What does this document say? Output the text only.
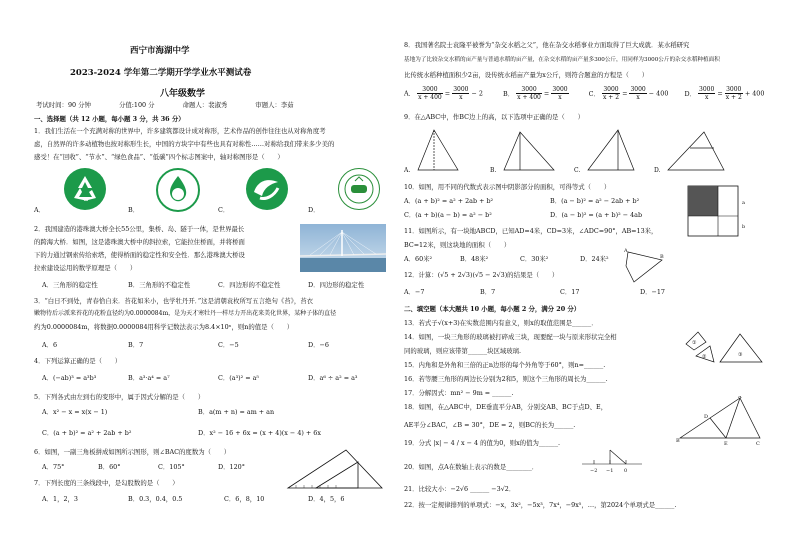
西宁市海湖中学
2023-2024 学年第二学期开学学业水平测试卷
八年级数学
考试时间：90 分钟	分值:100 分	命题人：裴淑秀	审题人：李茹
一、选择题（共 12 小题，每小题 3 分，共 36 分）
1．我们生活在一个充满对称的世界中，许多建筑都设计成对称形，艺术作品的创作往往也从对称角度考
虑，自然界的许多动植物也按对称形生长，中国的方块字中有些也具有对称性……对称给我们带来多少美的
感受！在“回收”、“节水”、“绿色食品”、“低碳”四个标志图案中，轴对称图形是（　　）
A．	B．	C．	D．
2．我国建造的港珠澳大桥全长55公里，集桥、岛、隧于一体，是世界最长
的跨海大桥．如图，这是港珠澳大桥中的斜拉索，它能拉住桥面，并将桥面
下的力通过钢索传给索塔，使得桥面的稳定性和安全性．那么港珠澳大桥设
拉索建设运用的数学原理是（　　）
A．三角形的稳定性	B．三角形的不稳定性	C．四边形的不稳定性	D．四边形的稳定性
3．“白日不到处，青春恰自来．苔花如米小，也学牡丹开．”这是清朝袁枚所写五言绝句《苔》，苔衣
嫩物待后示派来苔花的花粉直径约为0.0000084m，是为天才寒牡丹一样尽力开出花来美化世界，某种子体的直径
约为0.0000084m，将数据0.0000084用科学记数法表示为8.4×10ⁿ，则n的值是（　　）
A．6	B．7	C．−5	D．−6
4．下列运算正确的是（　　）
A．(−ab)³ = a³b³	B．a³·a⁴ = a⁷	C．(a³)² = a⁵	D．a⁶ ÷ a² = a³
5．下列各式由左到右的变形中，属于因式分解的是（　　）
A．x² − x = x(x − 1)	B．a(m + n) = am + an
C．(a + b)² = a² + 2ab + b²	D．x² − 16 + 6x = (x + 4)(x − 4) + 6x
6．如图，一副三角板拼成如图所示图形，则∠BAC的度数为（　　）
A．75°	B．60°	C．105°	D．120°
7．下列长度的三条线段中，是勾股数的是（　　）
A．1，2，3	B．0.3，0.4，0.5	C．6，8，10	D．4，5，6
8．我国著名院士袁隆平被誉为“杂交水稻之父”，他在杂交水稻事业方面取得了巨大成就．某水稻研究
基地为了比较杂交水稻的亩产量与普通水稻的亩产量，在杂交水稻的亩产量多300公斤，用同样为3000公斤的杂交水稻种植面积
比传统水稻种植面积少2亩，设传统水稻亩产量为x公斤，则符合题意的方程是（　　）
A． $\frac{3000}{x + 400} = \frac{3000}{x} - 2$	B． $\frac{3000}{x + 400} = \frac{3000}{x}$	C． $\frac{3000}{x + 2} = \frac{3000}{x} - 400$	D． $\frac{3000}{x} = \frac{3000}{x + 2} + 400$
9．在△ABC中，作BC边上的高，以下选项中正确的是（　　）
A.	B.	C.	D.
10．如图，用不同的代数式表示图中阴影部分的面积，可得等式（　　）
A．(a + b)² = a² + 2ab + b²	B．(a − b)² = a² − 2ab + b²
C．(a + b)(a − b) = a² − b²	D．(a − b)² = (a + b)² − 4ab
a
b
11．如图所示，有一块地ABCD，已知AD=4米，CD=3米，∠ADC=90°，AB=13米，
BC=12米，则这块地的面积（　　）
A．60米²	B．48米²	C．30米²	D．24米²
A
B
12．计算：(√5 + 2√3)(√5 − 2√3)的结果是（　　）
A．−7	B．7	C．17	D．−17
二、填空题（本大题共 10 小题，每小题 2 分，满分 20 分）
13．若式子√(x+3)在实数范围内有意义，则x的取值范围是______．
14．如图，一块三角形的玻璃被打碎成三块，现要配一块与原来形状完全相
同的玻璃，则应该带第______块区域玻璃.
①
②	③
15．内角和是外角和三倍的正n边形的每个外角等于60°，则n=______.
16．若等腰三角形的两边长分别为2和5，则这个三角形的周长为______.
17．分解因式：mn² − 9m = ______.
18．如图，在△ABC中，DE垂直平分AB，分别交AB、BC于点D、E，
AE平分∠BAC，∠B = 30°，DE = 2，则BC的长为______.
B
A
D
E	C
19．分式 |x| − 4 / x − 4 的值为0，则x的值为______.
20．如图，点A在数轴上表示的数是________．	−2 −1 0
21．比较大小：−2√6 ______ −3√2．
22．按一定规律排列的单项式：−x，3x²，−5x³，7x⁴，−9x⁵，…，第2024个单项式是______.
